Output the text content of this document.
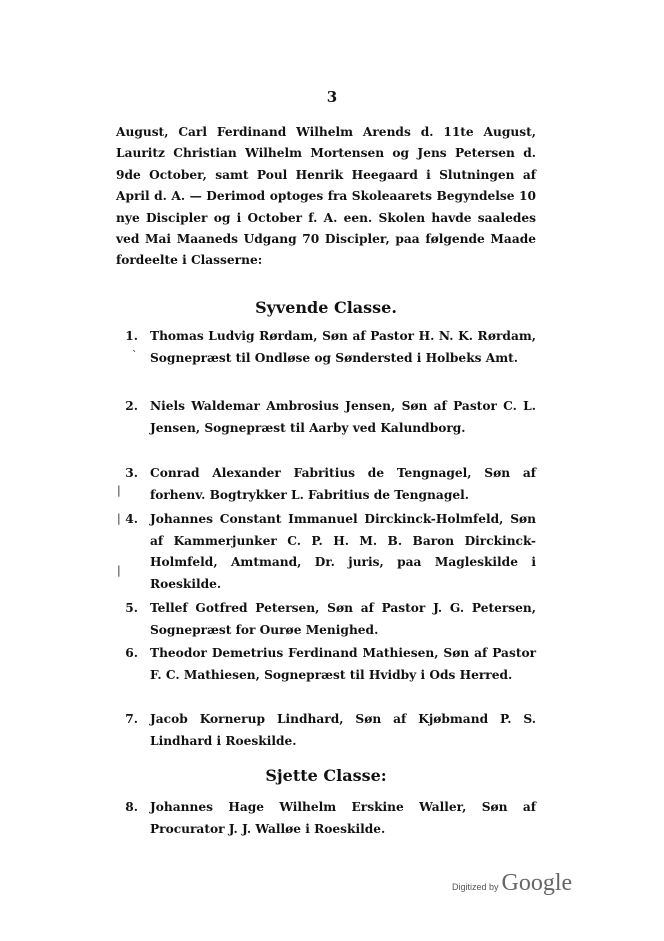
3
August, Carl Ferdinand Wilhelm Arends d. 11te August, Lauritz Christian Wilhelm Mortensen og Jens Petersen d. 9de October, samt Poul Henrik Heegaard i Slutningen af April d. A. — Derimod optoges fra Skoleaarets Begyndelse 10 nye Discipler og i October f. A. een. Skolen havde saaledes ved Mai Maaneds Udgang 70 Discipler, paa følgende Maade fordeelte i Classerne:
Syvende Classe.
1. Thomas Ludvig Rørdam, Søn af Pastor H. N. K. Rørdam, Sognepræst til Ondløse og Søndersted i Holbeks Amt.
2. Niels Waldemar Ambrosius Jensen, Søn af Pastor C. L. Jensen, Sognepræst til Aarby ved Kalundborg.
3. Conrad Alexander Fabritius de Tengnagel, Søn af forhenv. Bogtrykker L. Fabritius de Tengnagel.
4. Johannes Constant Immanuel Dirckinck-Holmfeld, Søn af Kammerjunker C. P. H. M. B. Baron Dirckinck-Holmfeld, Amtmand, Dr. juris, paa Magleskilde i Roeskilde.
5. Tellef Gotfred Petersen, Søn af Pastor J. G. Petersen, Sognepræst for Ourøe Menighed.
6. Theodor Demetrius Ferdinand Mathiesen, Søn af Pastor F. C. Mathiesen, Sognepræst til Hvidby i Ods Herred.
7. Jacob Kornerup Lindhard, Søn af Kjøbmand P. S. Lindhard i Roeskilde.
Sjette Classe:
8. Johannes Hage Wilhelm Erskine Waller, Søn af Procurator J. J. Walløe i Roeskilde.
`
|
|
|
Digitized by Google
